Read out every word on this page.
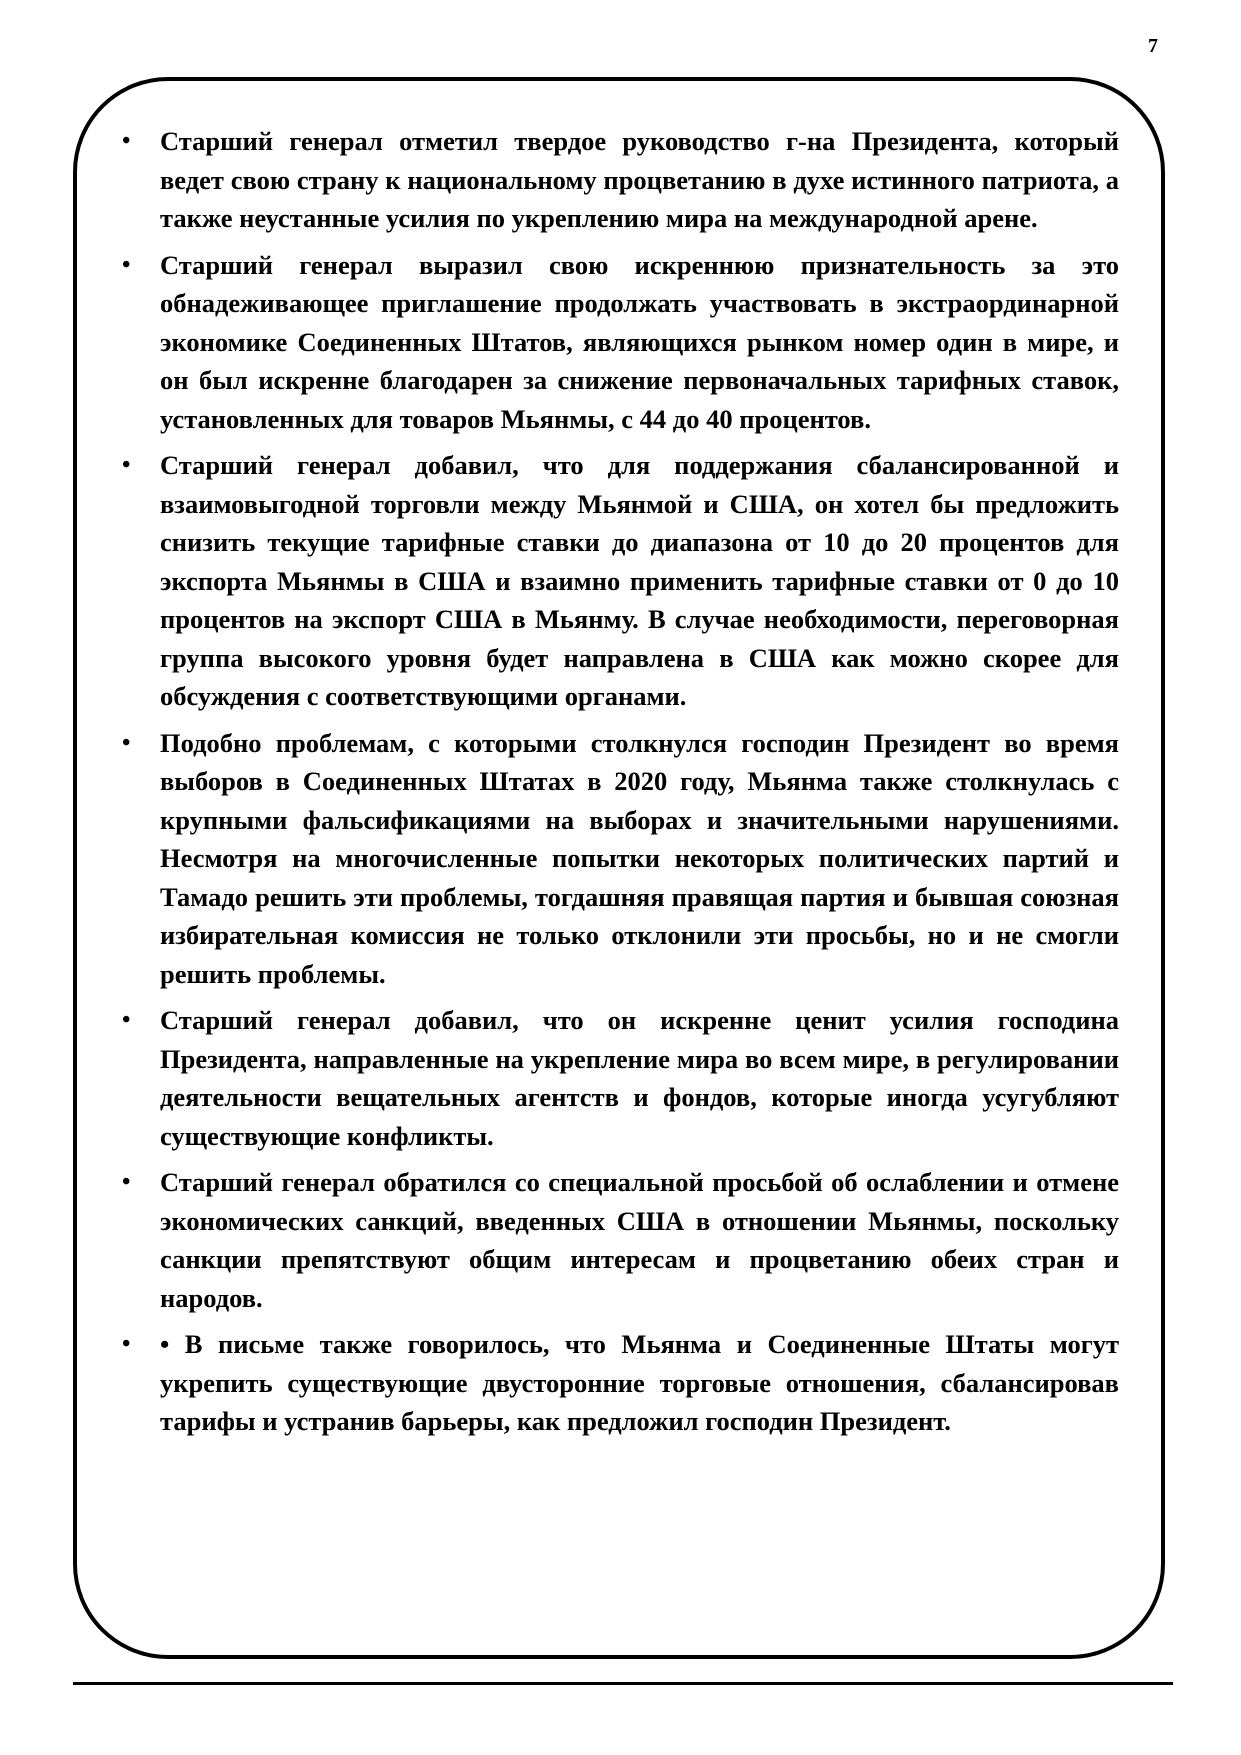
7
• Старший генерал отметил твердое руководство г-на Президента, который ведет свою страну к национальному процветанию в духе истинного патриота, а также неустанные усилия по укреплению мира на международной арене.
• Старший генерал выразил свою искреннюю признательность за это обнадеживающее приглашение продолжать участвовать в экстраординарной экономике Соединенных Штатов, являющихся рынком номер один в мире, и он был искренне благодарен за снижение первоначальных тарифных ставок, установленных для товаров Мьянмы, с 44 до 40 процентов.
• Старший генерал добавил, что для поддержания сбалансированной и взаимовыгодной торговли между Мьянмой и США, он хотел бы предложить снизить текущие тарифные ставки до диапазона от 10 до 20 процентов для экспорта Мьянмы в США и взаимно применить тарифные ставки от 0 до 10 процентов на экспорт США в Мьянму. В случае необходимости, переговорная группа высокого уровня будет направлена в США как можно скорее для обсуждения с соответствующими органами.
• Подобно проблемам, с которыми столкнулся господин Президент во время выборов в Соединенных Штатах в 2020 году, Мьянма также столкнулась с крупными фальсификациями на выборах и значительными нарушениями. Несмотря на многочисленные попытки некоторых политических партий и Тамадо решить эти проблемы, тогдашняя правящая партия и бывшая союзная избирательная комиссия не только отклонили эти просьбы, но и не смогли решить проблемы.
• Старший генерал добавил, что он искренне ценит усилия господина Президента, направленные на укрепление мира во всем мире, в регулировании деятельности вещательных агентств и фондов, которые иногда усугубляют существующие конфликты.
• Старший генерал обратился со специальной просьбой об ослаблении и отмене экономических санкций, введенных США в отношении Мьянмы, поскольку санкции препятствуют общим интересам и процветанию обеих стран и народов.
• • В письме также говорилось, что Мьянма и Соединенные Штаты могут укрепить существующие двусторонние торговые отношения, сбалансировав тарифы и устранив барьеры, как предложил господин Президент.
